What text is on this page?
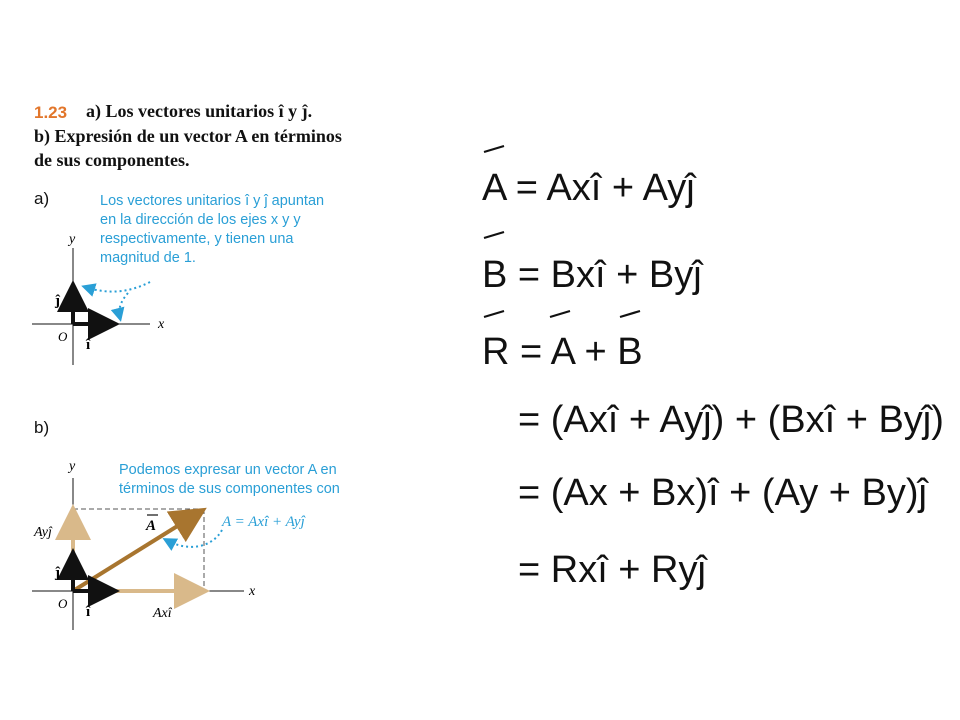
1.23 a) Los vectores unitarios î y ĵ.
b) Expresión de un vector A en términos
de sus componentes.
a)	Los vectores unitarios î y ĵ apuntan
en la dirección de los ejes x y y
respectivamente, y tienen una
magnitud de 1.
x
y
O
î
ĵ
b)
Podemos expresar un vector A en
términos de sus componentes con
A = Axî + Ayĵ
x
y
O
î
ĵ
A
Axî
Ayĵ
A = Axî + Ayĵ
B = Bxî + Byĵ
R = A + B
= (Axî + Ayĵ) + (Bxî + Byĵ)
= (Ax + Bx)î + (Ay + By)ĵ
= Rxî + Ryĵ
